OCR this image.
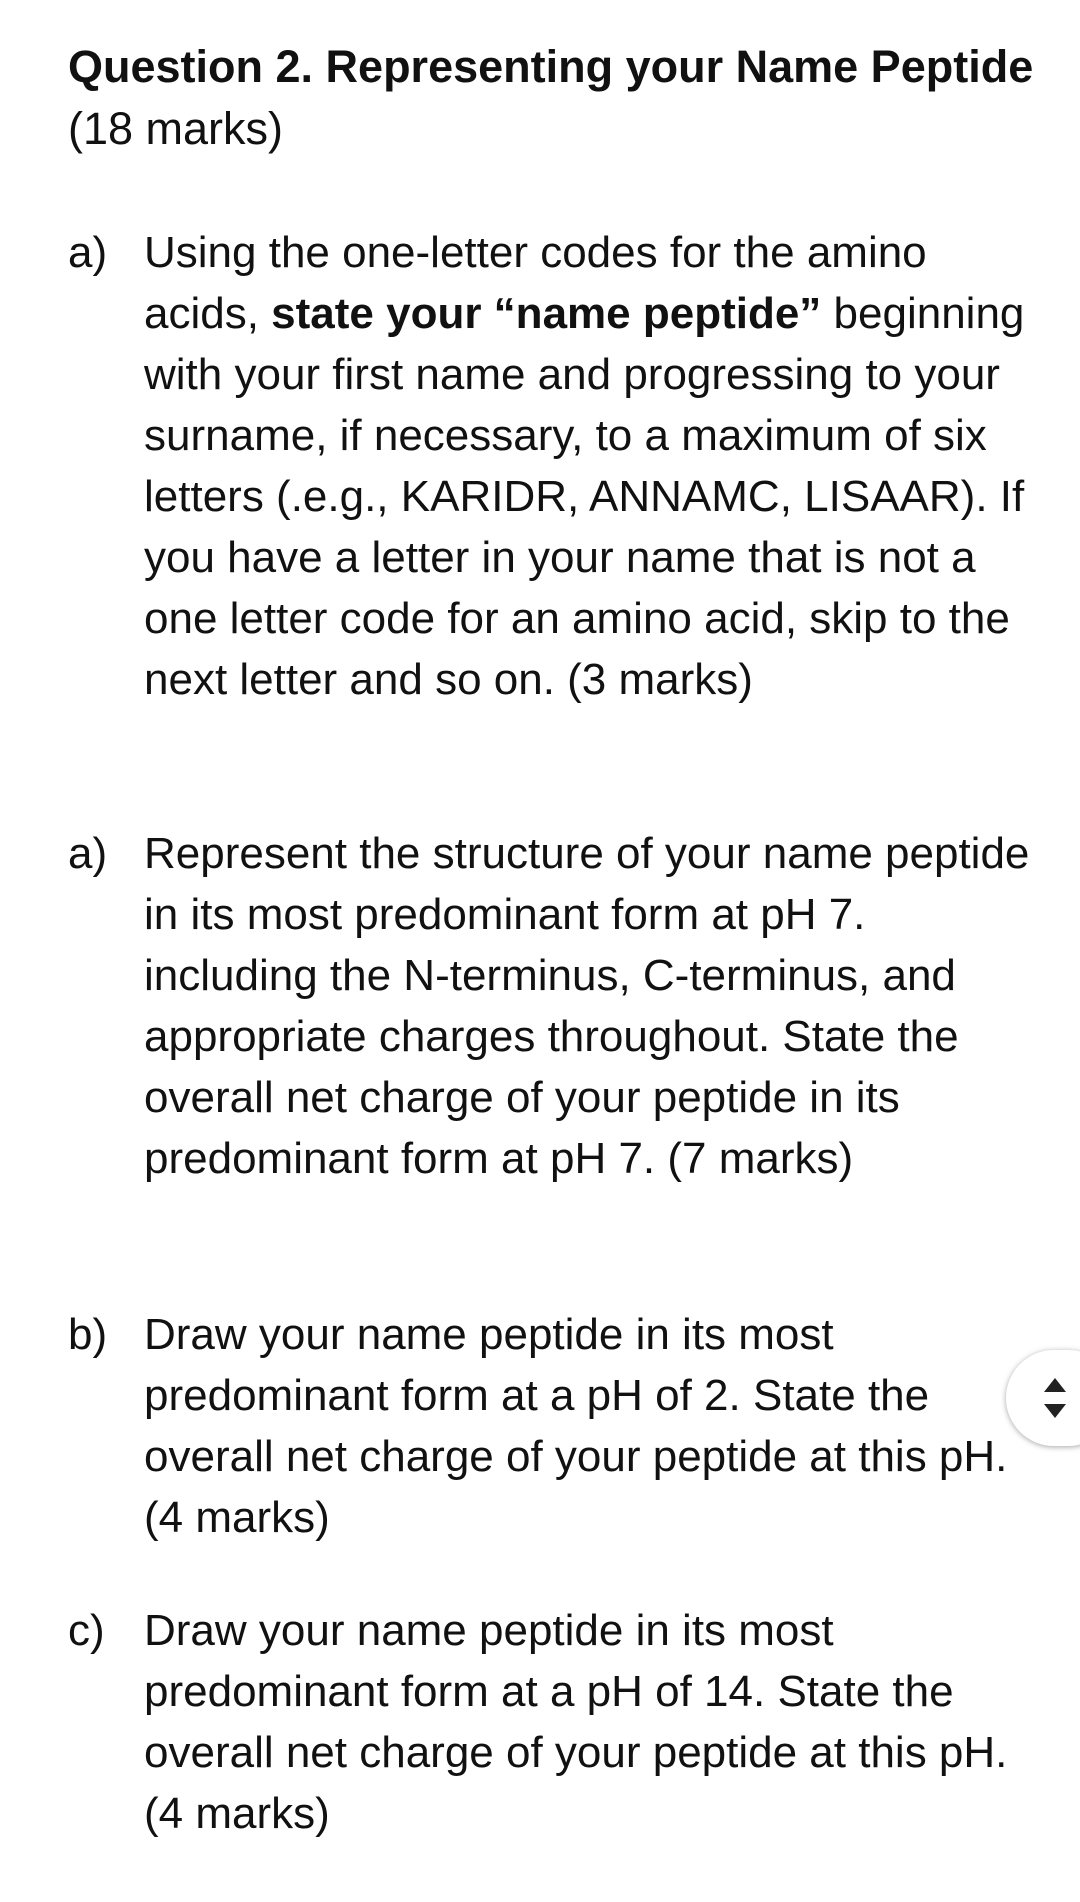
Question 2. Representing your Name Peptide
(18 marks)
a) Using the one-letter codes for the amino acids, state your “name peptide” beginning with your first name and progressing to your surname, if necessary, to a maximum of six letters (.e.g., KARIDR, ANNAMC, LISAAR). If you have a letter in your name that is not a one letter code for an amino acid, skip to the next letter and so on. (3 marks)
a) Represent the structure of your name peptide in its most predominant form at pH 7. including the N-terminus, C-terminus, and appropriate charges throughout. State the overall net charge of your peptide in its predominant form at pH 7. (7 marks)
b) Draw your name peptide in its most predominant form at a pH of 2. State the overall net charge of your peptide at this pH. (4 marks)
c) Draw your name peptide in its most predominant form at a pH of 14. State the overall net charge of your peptide at this pH. (4 marks)
